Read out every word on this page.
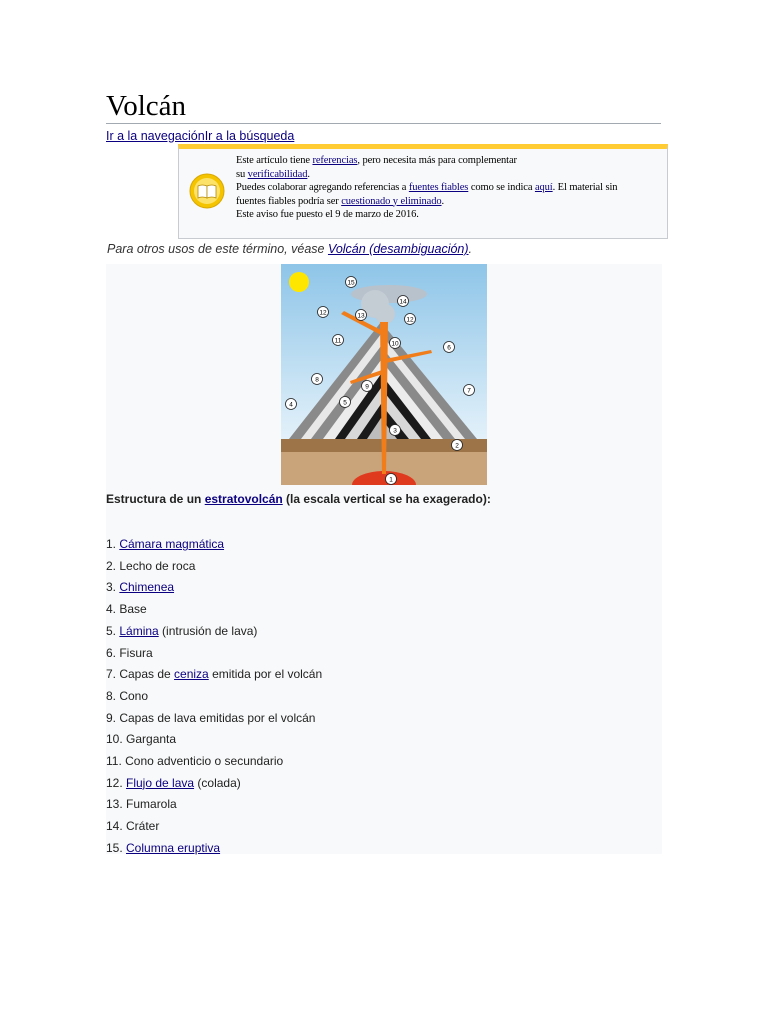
Volcán
Ir a la navegaciónIr a la búsqueda

Este artículo tiene referencias, pero necesita más para complementar

su verificabilidad.

Puedes colaborar agregando referencias a fuentes fiables como se indica aquí. El material sin

fuentes fiables podría ser cuestionado y eliminado.

Este aviso fue puesto el 9 de marzo de 2016.

Para otros usos de este término, véase Volcán (desambiguación).
1
2
3
4	5
6
7
8
9
10
11
12	13
14
15
12
Estructura de un estratovolcán (la escala vertical se ha exagerado):
1. Cámara magmática
2. Lecho de roca
3. Chimenea
4. Base
5. Lámina (intrusión de lava)
6. Fisura
7. Capas de ceniza emitida por el volcán
8. Cono
9. Capas de lava emitidas por el volcán
10. Garganta
11. Cono adventicio o secundario
12. Flujo de lava (colada)
13. Fumarola
14. Cráter
15. Columna eruptiva
